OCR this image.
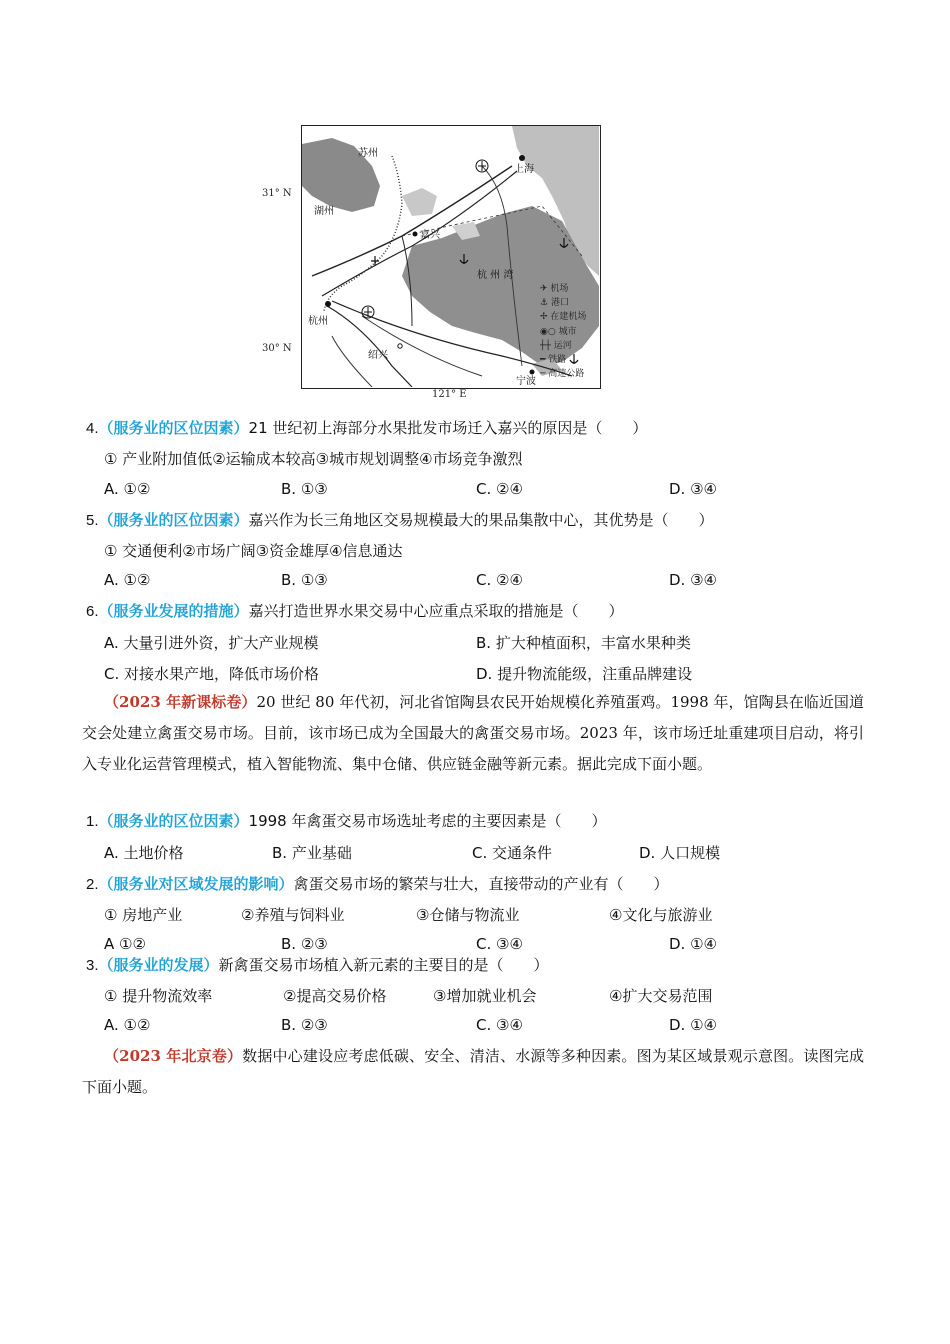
31° N
30° N
121° E
苏州
上海
湖州
嘉兴
杭州
绍兴
宁波
杭 州 湾
✈ 机场
⚓ 港口
✢ 在建机场
◉○ 城市
┼┼ 运河
━ 铁路
─ 高速公路
4.（服务业的区位因素）21 世纪初上海部分水果批发市场迁入嘉兴的原因是（　　）
① 产业附加值低②运输成本较高③城市规划调整④市场竞争激烈
A. ①②	B. ①③	C. ②④	D. ③④
5.（服务业的区位因素）嘉兴作为长三角地区交易规模最大的果品集散中心，其优势是（　　）
① 交通便利②市场广阔③资金雄厚④信息通达
A. ①②	B. ①③	C. ②④	D. ③④
6.（服务业发展的措施）嘉兴打造世界水果交易中心应重点采取的措施是（　　）
A. 大量引进外资，扩大产业规模	B. 扩大种植面积，丰富水果种类
C. 对接水果产地，降低市场价格	D. 提升物流能级，注重品牌建设
（2023 年新课标卷）20 世纪 80 年代初，河北省馆陶县农民开始规模化养殖蛋鸡。1998 年，馆陶县在临近国道交会处建立禽蛋交易市场。目前，该市场已成为全国最大的禽蛋交易市场。2023 年，该市场迁址重建项目启动，将引入专业化运营管理模式，植入智能物流、集中仓储、供应链金融等新元素。据此完成下面小题。
1.（服务业的区位因素）1998 年禽蛋交易市场选址考虑的主要因素是（　　）
A. 土地价格	B. 产业基础	C. 交通条件	D. 人口规模
2.（服务业对区域发展的影响）禽蛋交易市场的繁荣与壮大，直接带动的产业有（　　）
① 房地产业	②养殖与饲料业	③仓储与物流业	④文化与旅游业
A ①②	B. ②③	C. ③④	D. ①④
3.（服务业的发展）新禽蛋交易市场植入新元素的主要目的是（　　）
① 提升物流效率	②提高交易价格	③增加就业机会	④扩大交易范围
A. ①②	B. ②③	C. ③④	D. ①④
（2023 年北京卷）数据中心建设应考虑低碳、安全、清洁、水源等多种因素。图为某区域景观示意图。读图完成下面小题。
